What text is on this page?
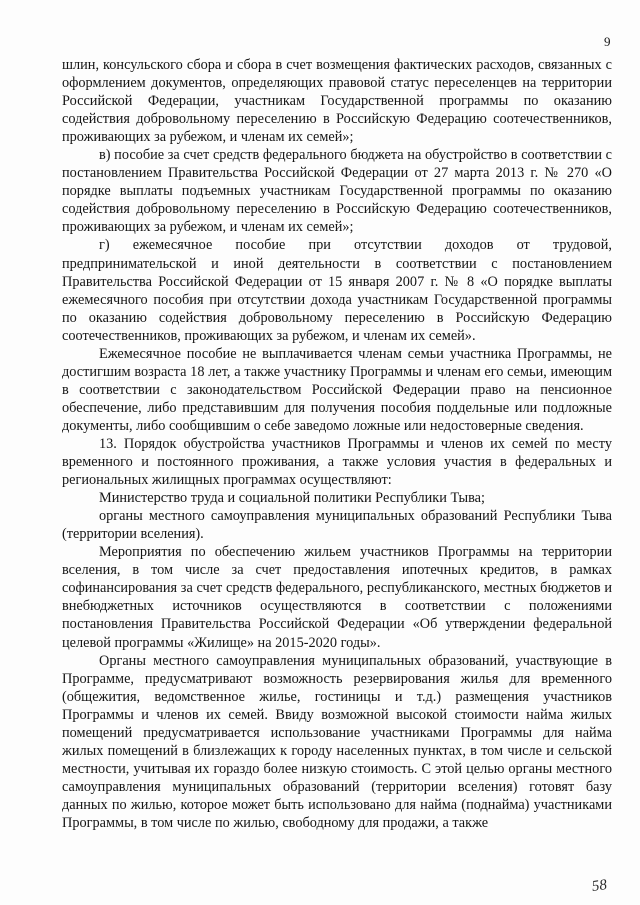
9

шлин, консульского сбора и сбора в счет возмещения фактических расходов, связанных с оформлением документов, определяющих правовой статус переселенцев на территории Российской Федерации, участникам Государственной программы по оказанию содействия добровольному переселению в Российскую Федерацию соотечественников, проживающих за рубежом, и членам их семей»;

в) пособие за счет средств федерального бюджета на обустройство в соответствии с постановлением Правительства Российской Федерации от 27 марта 2013 г. № 270 «О порядке выплаты подъемных участникам Государственной программы по оказанию содействия добровольному переселению в Российскую Федерацию соотечественников, проживающих за рубежом, и членам их семей»;

г) ежемесячное пособие при отсутствии доходов от трудовой, предпринимательской и иной деятельности в соответствии с постановлением Правительства Российской Федерации от 15 января 2007 г. № 8 «О порядке выплаты ежемесячного пособия при отсутствии дохода участникам Государственной программы по оказанию содействия добровольному переселению в Российскую Федерацию соотечественников, проживающих за рубежом, и членам их семей».

Ежемесячное пособие не выплачивается членам семьи участника Программы, не достигшим возраста 18 лет, а также участнику Программы и членам его семьи, имеющим в соответствии с законодательством Российской Федерации право на пенсионное обеспечение, либо представившим для получения пособия поддельные или подложные документы, либо сообщившим о себе заведомо ложные или недостоверные сведения.

13. Порядок обустройства участников Программы и членов их семей по месту временного и постоянного проживания, а также условия участия в федеральных и региональных жилищных программах осуществляют:

Министерство труда и социальной политики Республики Тыва;

органы местного самоуправления муниципальных образований Республики Тыва (территории вселения).

Мероприятия по обеспечению жильем участников Программы на территории вселения, в том числе за счет предоставления ипотечных кредитов, в рамках софинансирования за счет средств федерального, республиканского, местных бюджетов и внебюджетных источников осуществляются в соответствии с положениями постановления Правительства Российской Федерации «Об утверждении федеральной целевой программы «Жилище» на 2015-2020 годы».

Органы местного самоуправления муниципальных образований, участвующие в Программе, предусматривают возможность резервирования жилья для временного (общежития, ведомственное жилье, гостиницы и т.д.) размещения участников Программы и членов их семей. Ввиду возможной высокой стоимости найма жилых помещений предусматривается использование участниками Программы для найма жилых помещений в близлежащих к городу населенных пунктах, в том числе и сельской местности, учитывая их гораздо более низкую стоимость. С этой целью органы местного самоуправления муниципальных образований (территории вселения) готовят базу данных по жилью, которое может быть использовано для найма (поднайма) участниками Программы, в том числе по жилью, свободному для продажи, а также

58
